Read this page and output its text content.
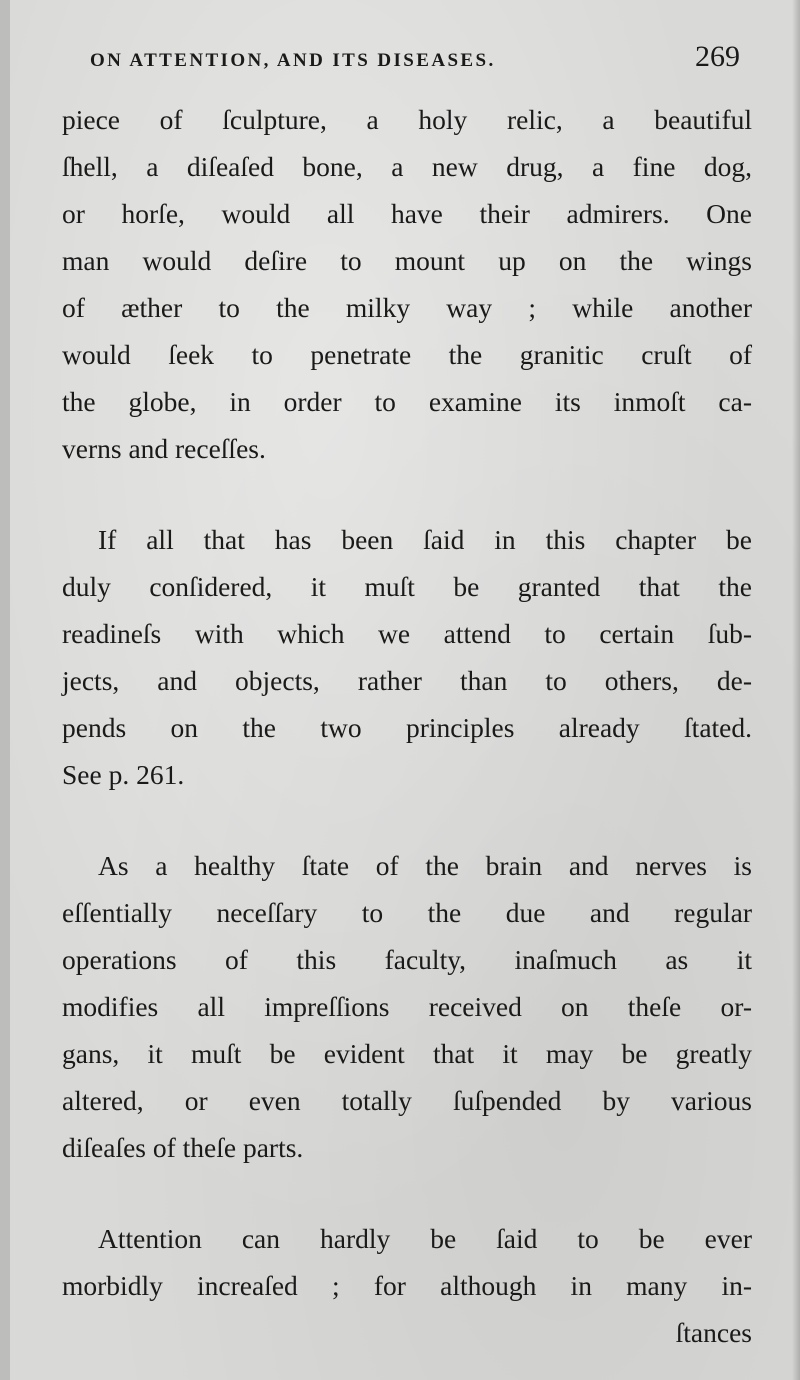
ON ATTENTION, AND ITS DISEASES.	269

piece of ſculpture, a holy relic, a beautiful
ſhell, a diſeaſed bone, a new drug, a fine dog,
or horſe, would all have their admirers. One
man would deſire to mount up on the wings
of æther to the milky way ; while another
would ſeek to penetrate the granitic cruſt of
the globe, in order to examine its inmoſt ca-
verns and receſſes.

If all that has been ſaid in this chapter be
duly conſidered, it muſt be granted that the
readineſs with which we attend to certain ſub-
jects, and objects, rather than to others, de-
pends on the two principles already ſtated.
See p. 261.

As a healthy ſtate of the brain and nerves is
eſſentially neceſſary to the due and regular
operations of this faculty, inaſmuch as it
modifies all impreſſions received on theſe or-
gans, it muſt be evident that it may be greatly
altered, or even totally ſuſpended by various
diſeaſes of theſe parts.

Attention can hardly be ſaid to be ever
morbidly increaſed ; for although in many in-
ſtances
